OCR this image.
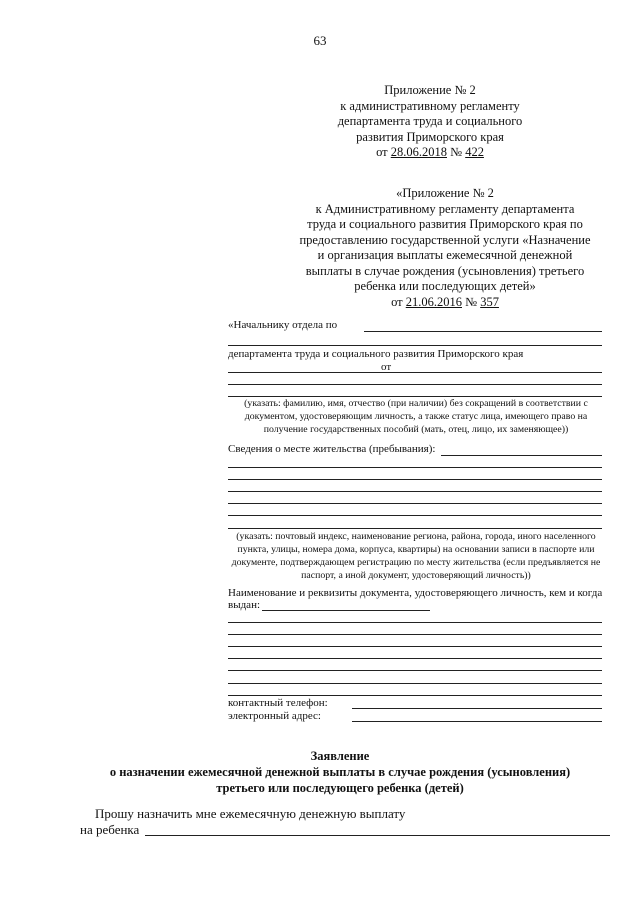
63
Приложение № 2
к административному регламенту
департамента труда и социального
развития Приморского края
от 28.06.2018 № 422
«Приложение № 2
к Административному регламенту департамента
труда и социального развития Приморского края по
предоставлению государственной услуги «Назначение
и организация выплаты ежемесячной денежной
выплаты в случае рождения (усыновления) третьего
ребенка или последующих детей»
от 21.06.2016 № 357
«Начальнику отдела по
департамента труда и социального развития Приморского края
от
(указать: фамилию, имя, отчество (при наличии) без сокращений в соответствии с документом, удостоверяющим личность, а также статус лица, имеющего право на получение государственных пособий (мать, отец, лицо, их заменяющее))
Сведения о месте жительства (пребывания):
(указать: почтовый индекс, наименование региона, района, города, иного населенного пункта, улицы, номера дома, корпуса, квартиры) на основании записи в паспорте или документе, подтверждающем регистрацию по месту жительства (если предъявляется не паспорт, а иной документ, удостоверяющий личность))
Наименование и реквизиты документа, удостоверяющего личность, кем и когда
выдан:
контактный телефон:
электронный адрес:
Заявление
о назначении ежемесячной денежной выплаты в случае рождения (усыновления)
третьего или последующего ребенка (детей)
Прошу назначить мне ежемесячную денежную выплату
на ребенка
